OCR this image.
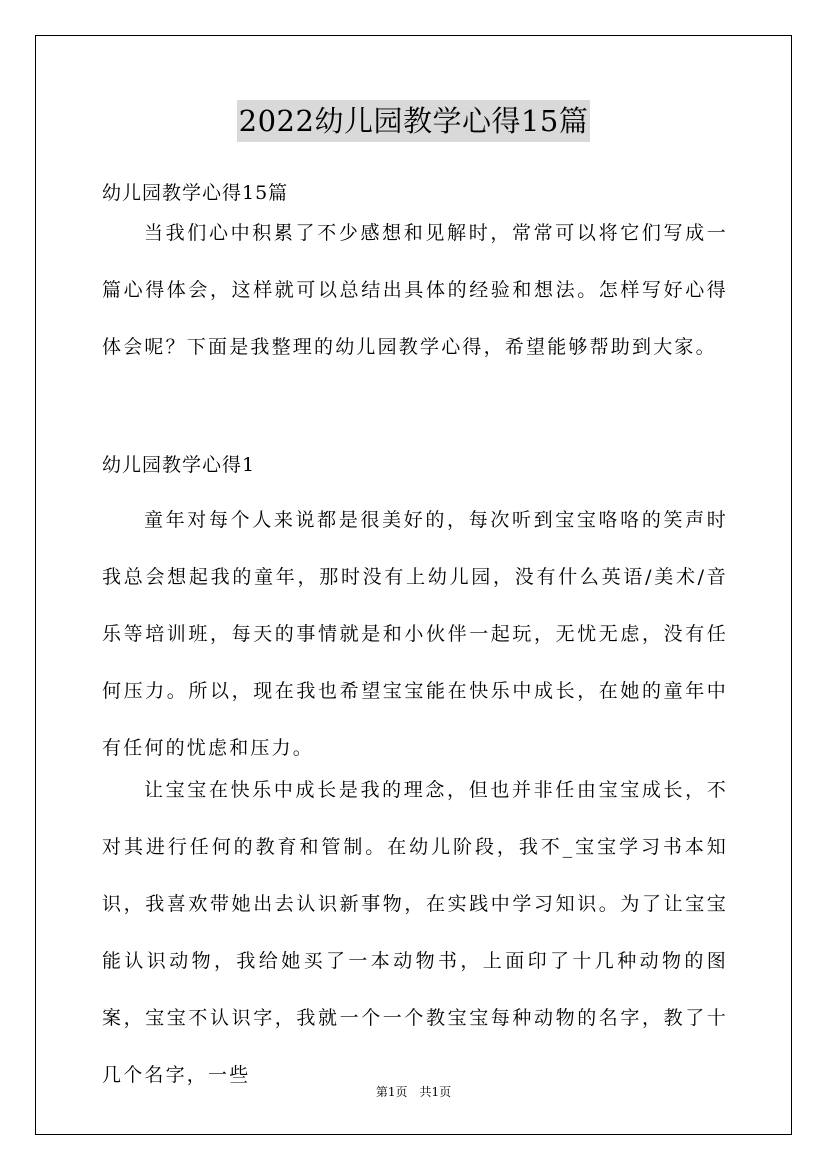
2022幼儿园教学心得15篇

幼儿园教学心得15篇

当我们心中积累了不少感想和见解时，常常可以将它们写成一篇心得体会，这样就可以总结出具体的经验和想法。怎样写好心得体会呢？下面是我整理的幼儿园教学心得，希望能够帮助到大家。

幼儿园教学心得1

童年对每个人来说都是很美好的，每次听到宝宝咯咯的笑声时我总会想起我的童年，那时没有上幼儿园，没有什么英语/美术/音乐等培训班，每天的事情就是和小伙伴一起玩，无忧无虑，没有任何压力。所以，现在我也希望宝宝能在快乐中成长，在她的童年中有任何的忧虑和压力。

让宝宝在快乐中成长是我的理念，但也并非任由宝宝成长，不对其进行任何的教育和管制。在幼儿阶段，我不_宝宝学习书本知识，我喜欢带她出去认识新事物，在实践中学习知识。为了让宝宝能认识动物，我给她买了一本动物书，上面印了十几种动物的图案，宝宝不认识字，我就一个一个教宝宝每种动物的名字，教了十几个名字，一些

第1页　共1页
